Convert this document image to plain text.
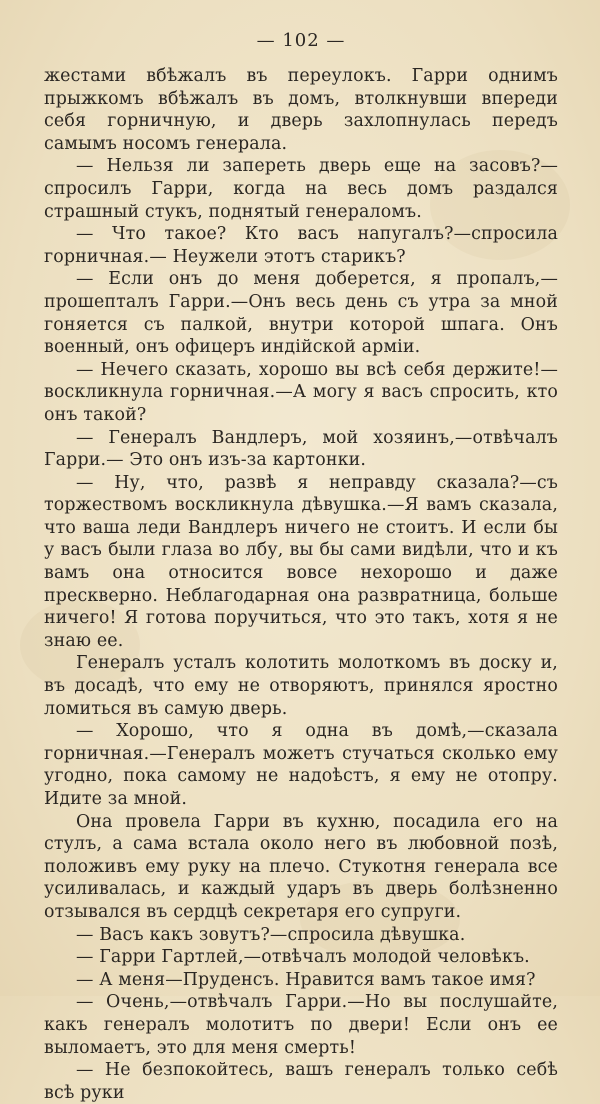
— 102 —

жестами вбѣжалъ въ переулокъ. Гарри однимъ прыжкомъ вбѣжалъ въ домъ, втолкнувши впереди себя горничную, и дверь захлопнулась передъ самымъ носомъ генерала.

— Нельзя ли запереть дверь еще на засовъ?—спросилъ Гарри, когда на весь домъ раздался страшный стукъ, поднятый генераломъ.

— Что такое? Кто васъ напугалъ?—спросила горничная.— Неужели этотъ старикъ?

— Если онъ до меня доберется, я пропалъ,—прошепталъ Гарри.—Онъ весь день съ утра за мной гоняется съ палкой, внутри которой шпага. Онъ военный, онъ офицеръ индійской арміи.

— Нечего сказать, хорошо вы всѣ себя держите!—воскликнула горничная.—А могу я васъ спросить, кто онъ такой?

— Генералъ Вандлеръ, мой хозяинъ,—отвѣчалъ Гарри.— Это онъ изъ-за картонки.

— Ну, что, развѣ я неправду сказала?—съ торжествомъ воскликнула дѣвушка.—Я вамъ сказала, что ваша леди Вандлеръ ничего не стоитъ. И если бы у васъ были глаза во лбу, вы бы сами видѣли, что и къ вамъ она относится вовсе нехорошо и даже прескверно. Неблагодарная она развратница, больше ничего! Я готова поручиться, что это такъ, хотя я не знаю ее.

Генералъ усталъ колотить молоткомъ въ доску и, въ досадѣ, что ему не отворяютъ, принялся яростно ломиться въ самую дверь.

— Хорошо, что я одна въ домѣ,—сказала горничная.—Генералъ можетъ стучаться сколько ему угодно, пока самому не надоѣстъ, я ему не отопру. Идите за мной.

Она провела Гарри въ кухню, посадила его на стулъ, а сама встала около него въ любовной позѣ, положивъ ему руку на плечо. Стукотня генерала все усиливалась, и каждый ударъ въ дверь болѣзненно отзывался въ сердцѣ секретаря его супруги.

— Васъ какъ зовутъ?—спросила дѣвушка.

— Гарри Гартлей,—отвѣчалъ молодой человѣкъ.

— А меня—Пруденсъ. Нравится вамъ такое имя?

— Очень,—отвѣчалъ Гарри.—Но вы послушайте, какъ генералъ молотитъ по двери! Если онъ ее выломаетъ, это для меня смерть!

— Не безпокойтесь, вашъ генералъ только себѣ всѣ руки
